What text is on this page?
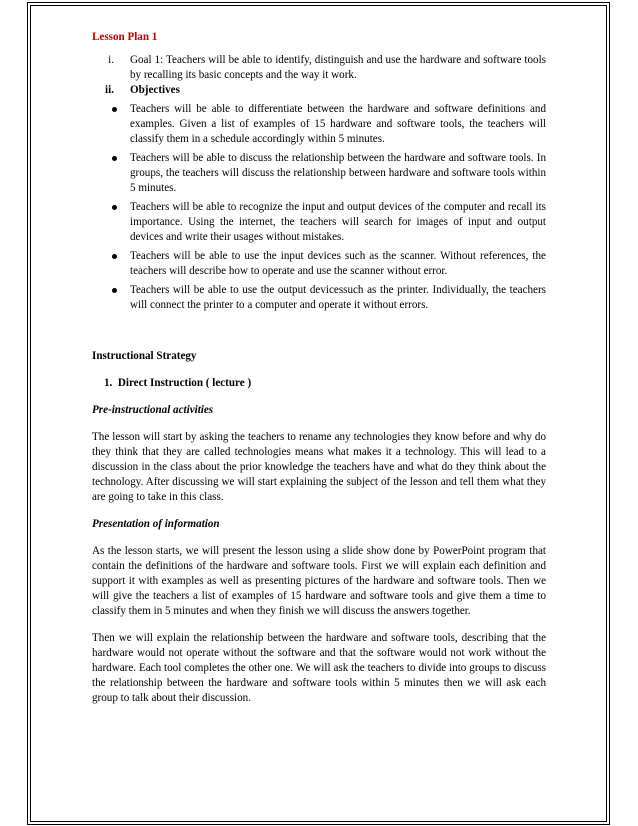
Lesson Plan 1
i. Goal 1: Teachers will be able to identify, distinguish and use the hardware and software tools by recalling its basic concepts and the way it work.
ii. Objectives
Teachers will be able to differentiate between the hardware and software definitions and examples. Given a list of examples of 15 hardware and software tools, the teachers will classify them in a schedule accordingly within 5 minutes.
Teachers will be able to discuss the relationship between the hardware and software tools. In groups, the teachers will discuss the relationship between hardware and software tools within 5 minutes.
Teachers will be able to recognize the input and output devices of the computer and recall its importance. Using the internet, the teachers will search for images of input and output devices and write their usages without mistakes.
Teachers will be able to use the input devices such as the scanner. Without references, the teachers will describe how to operate and use the scanner without error.
Teachers will be able to use the output devicessuch as the printer. Individually, the teachers will connect the printer to a computer and operate it without errors.
Instructional Strategy
1.  Direct Instruction ( lecture )
Pre-instructional activities
The lesson will start by asking the teachers to rename any technologies they know before and why do they think that they are called technologies means what makes it a technology. This will lead to a discussion in the class about the prior knowledge the teachers have and what do they think about the technology. After discussing we will start explaining the subject of the lesson and tell them what they are going to take in this class.
Presentation of information
As the lesson starts, we will present the lesson using a slide show done by PowerPoint program that contain the definitions of the hardware and software tools. First we will explain each definition and support it with examples as well as presenting pictures of the hardware and software tools. Then we will give the teachers a list of examples of 15 hardware and software tools and give them a time to classify them in 5 minutes and when they finish we will discuss the answers together.
Then we will explain the relationship between the hardware and software tools, describing that the hardware would not operate without the software and that the software would not work without the hardware. Each tool completes the other one. We will ask the teachers to divide into groups to discuss the relationship between the hardware and software tools within 5 minutes then we will ask each group to talk about their discussion.
